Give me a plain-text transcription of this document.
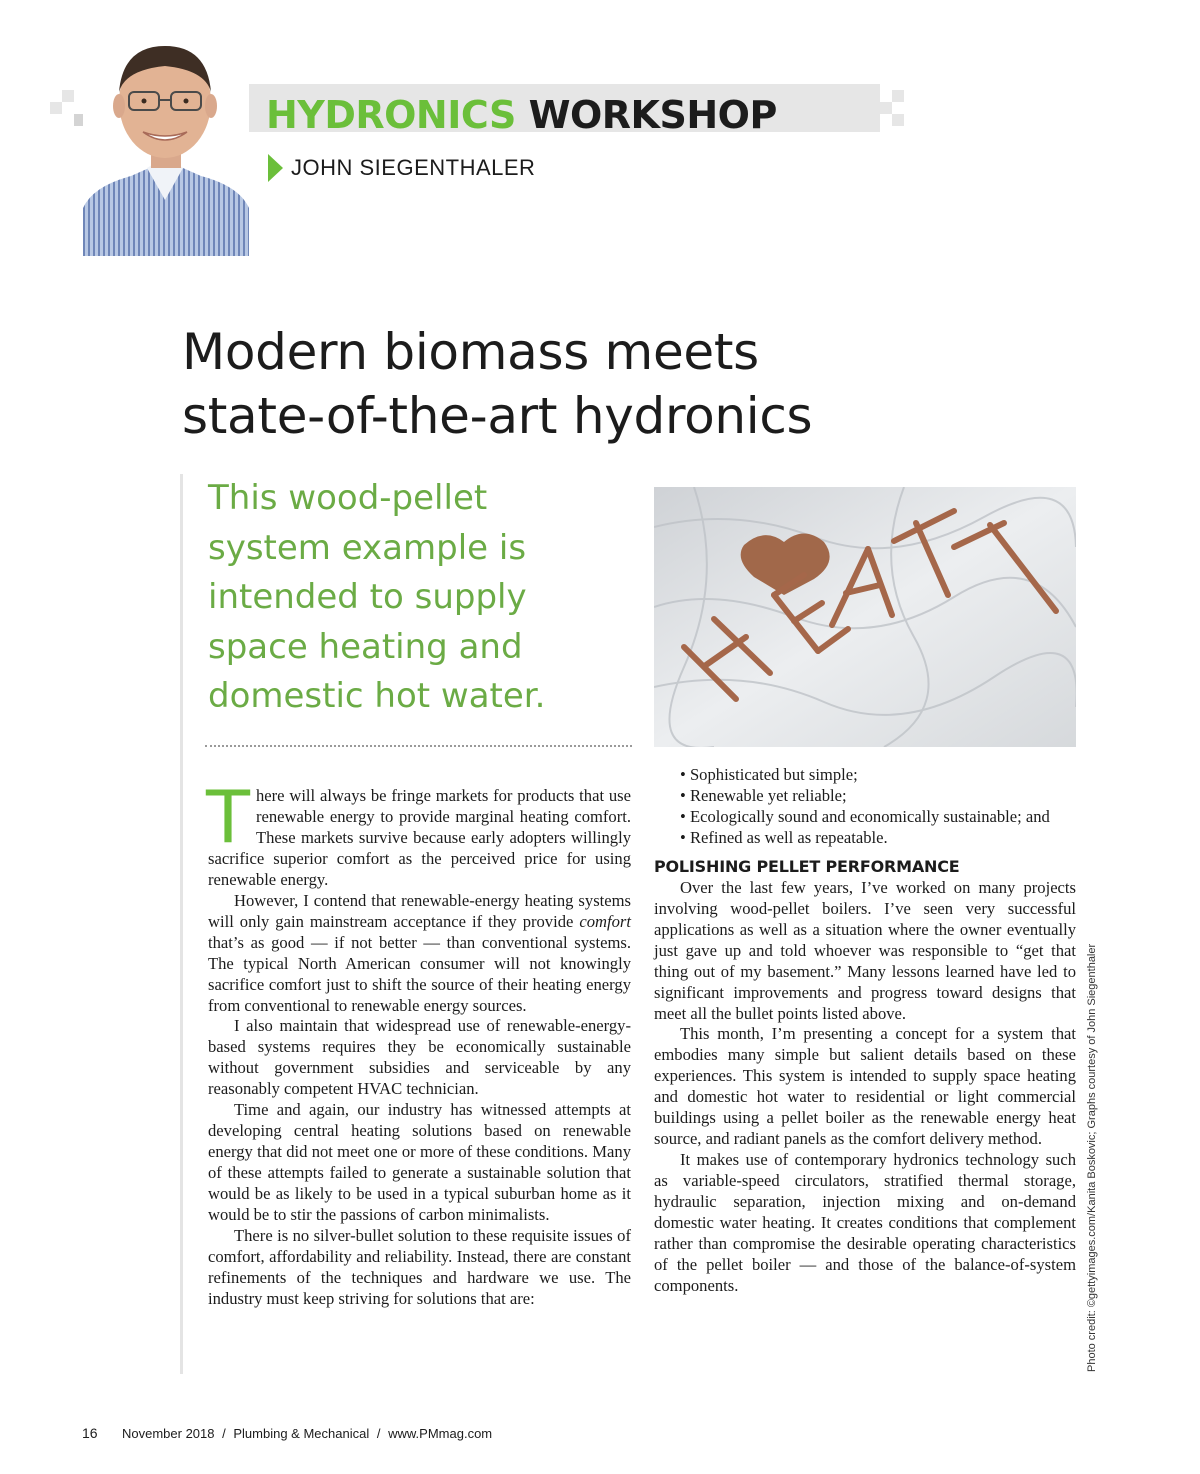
HYDRONICS WORKSHOP
JOHN SIEGENTHALER
Modern biomass meets
state-of-the-art hydronics
This wood-pellet
system example is
intended to supply
space heating and
domestic hot water.

There will always be fringe markets for products that use renewable energy to provide marginal heating comfort. These markets survive because early adopters willingly sacrifice superior comfort as the perceived price for using renewable energy.

However, I contend that renewable-energy heating systems will only gain mainstream acceptance if they provide comfort that’s as good — if not better — than conventional systems. The typical North American consumer will not knowingly sacrifice comfort just to shift the source of their heating energy from conventional to renewable energy sources.

I also maintain that widespread use of renewable-energy-based systems requires they be economically sustainable without government subsidies and serviceable by any reasonably competent HVAC technician.

Time and again, our industry has witnessed attempts at developing central heating solutions based on renewable energy that did not meet one or more of these conditions. Many of these attempts failed to generate a sustainable solution that would be as likely to be used in a typical suburban home as it would be to stir the passions of carbon minimalists.

There is no silver-bullet solution to these requisite issues of comfort, affordability and reliability. Instead, there are constant refinements of the techniques and hardware we use. The industry must keep striving for solutions that are:

• Sophisticated but simple;

• Renewable yet reliable;

• Ecologically sound and economically sustainable; and

• Refined as well as repeatable.

POLISHING PELLET PERFORMANCE

Over the last few years, I’ve worked on many projects involving wood-pellet boilers. I’ve seen very successful applications as well as a situation where the owner eventually just gave up and told whoever was responsible to “get that thing out of my basement.” Many lessons learned have led to significant improvements and progress toward designs that meet all the bullet points listed above.

This month, I’m presenting a concept for a system that embodies many simple but salient details based on these experiences. This system is intended to supply space heating and domestic hot water to residential or light commercial buildings using a pellet boiler as the renewable energy heat source, and radiant panels as the comfort delivery method.

It makes use of contemporary hydronics technology such as variable-speed circulators, stratified thermal storage, hydraulic separation, injection mixing and on-demand domestic water heating. It creates conditions that complement rather than compromise the desirable operating characteristics of the pellet boiler — and those of the balance-of-system components.	Photo credit: ©gettyimages.com/Kanita Boskovic; Graphs courtesy of John Siegenthaler
16 November 2018 / Plumbing & Mechanical / www.PMmag.com
